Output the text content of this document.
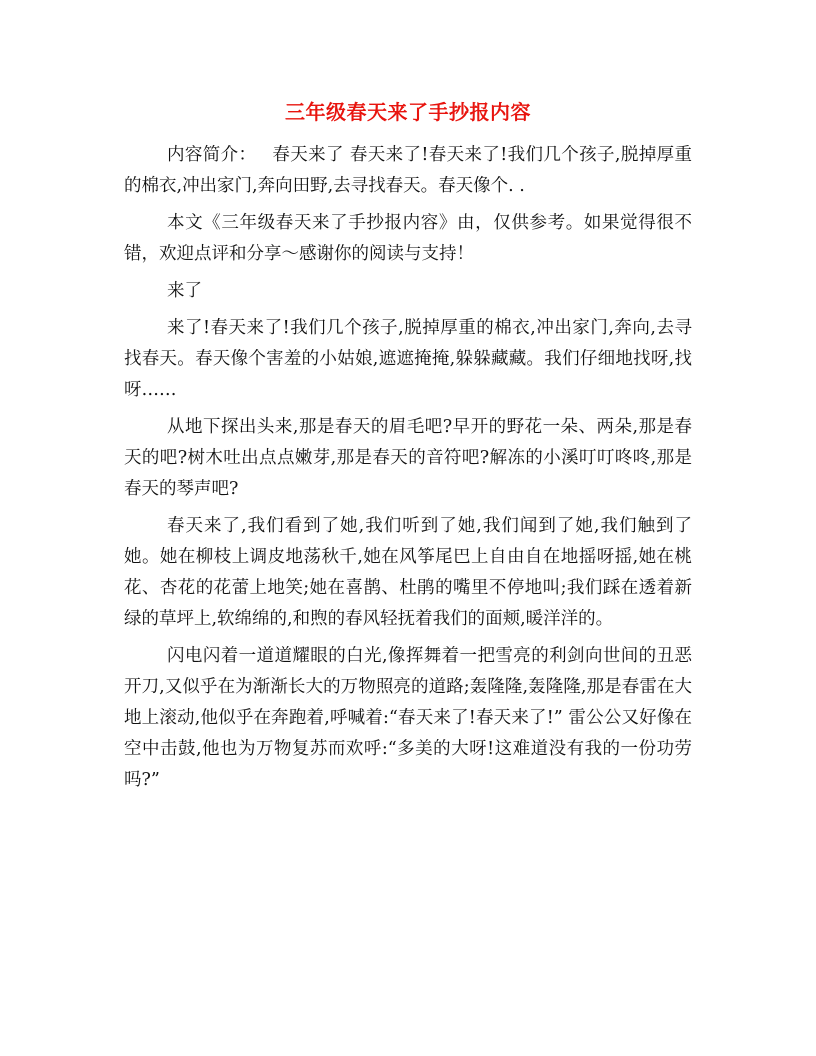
三年级春天来了手抄报内容

内容简介： 春天来了 春天来了!春天来了!我们几个孩子,脱掉厚重的棉衣,冲出家门,奔向田野,去寻找春天。春天像个. .

本文《三年级春天来了手抄报内容》由，仅供参考。如果觉得很不错，欢迎点评和分享～感谢你的阅读与支持！

来了

来了!春天来了!我们几个孩子,脱掉厚重的棉衣,冲出家门,奔向,去寻找春天。春天像个害羞的小姑娘,遮遮掩掩,躲躲藏藏。我们仔细地找呀,找呀……

从地下探出头来,那是春天的眉毛吧?早开的野花一朵、两朵,那是春天的吧?树木吐出点点嫩芽,那是春天的音符吧?解冻的小溪叮叮咚咚,那是春天的琴声吧?

春天来了,我们看到了她,我们听到了她,我们闻到了她,我们触到了她。她在柳枝上调皮地荡秋千,她在风筝尾巴上自由自在地摇呀摇,她在桃花、杏花的花蕾上地笑;她在喜鹊、杜鹃的嘴里不停地叫;我们踩在透着新绿的草坪上,软绵绵的,和煦的春风轻抚着我们的面颊,暖洋洋的。

闪电闪着一道道耀眼的白光,像挥舞着一把雪亮的利剑向世间的丑恶开刀,又似乎在为渐渐长大的万物照亮的道路;轰隆隆,轰隆隆,那是春雷在大地上滚动,他似乎在奔跑着,呼喊着:“春天来了!春天来了!” 雷公公又好像在空中击鼓,他也为万物复苏而欢呼:“多美的大呀!这难道没有我的一份功劳吗?”
